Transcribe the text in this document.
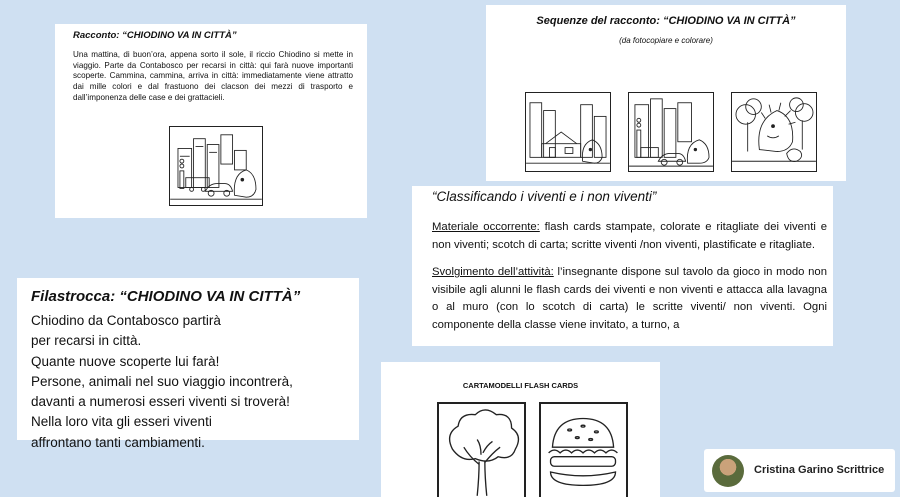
Racconto: “CHIODINO VA IN CITTÀ”

Una mattina, di buon’ora, appena sorto il sole, il riccio Chiodino si mette in viaggio. Parte da Contabosco per recarsi in città: qui farà nuove importanti scoperte. Cammina, cammina, arriva in città: immediatamente viene attratto dai mille colori e dal frastuono dei clacson dei mezzi di trasporto e dall’imponenza delle case e dei grattacieli.

Sequenze del racconto: “CHIODINO VA IN CITTÀ”
(da fotocopiare e colorare)

“Classificando i viventi e i non viventi”

Materiale occorrente: flash cards stampate, colorate e ritagliate dei viventi e non viventi; scotch di carta; scritte viventi /non viventi, plastificate e ritagliate.

Svolgimento dell’attività: l’insegnante dispone sul tavolo da gioco in modo non visibile agli alunni le flash cards dei viventi e non viventi e attacca alla lavagna o al muro (con lo scotch di carta) le scritte viventi/ non viventi. Ogni componente della classe viene invitato, a turno, a

Filastrocca: “CHIODINO VA IN CITTÀ”

Chiodino da Contabosco partirà
per recarsi in città.
Quante nuove scoperte lui farà!
Persone, animali nel suo viaggio incontrerà,
davanti a numerosi esseri viventi si troverà!
Nella loro vita gli esseri viventi
affrontano tanti cambiamenti.
CARTAMODELLI FLASH CARDS
Cristina Garino Scrittrice
